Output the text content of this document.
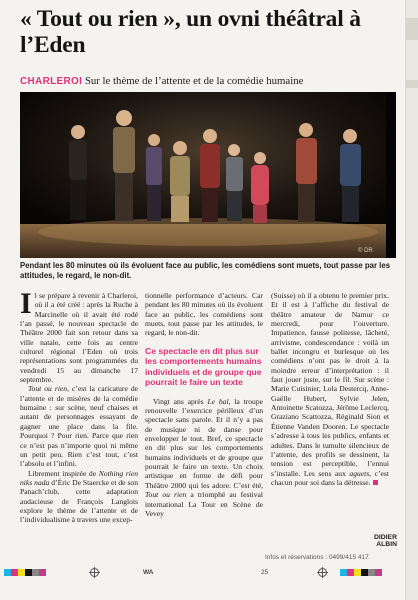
« Tout ou rien », un ovni théâtral à l’Eden
CHARLEROI Sur le thème de l’attente et de la comédie humaine
© DR
Pendant les 80 minutes où ils évoluent face au public, les comédiens sont muets, tout passe par les attitudes, le regard, le non-dit.

Il se prépare à revenir à Charleroi, où il a été créé : après la Ruche à Marcinelle où il avait été rodé l’an passé, le nouveau spectacle de Théâtre 2000 fait son retour dans sa ville natale, cette fois au centre culturel régional l’Eden où trois représentations sont programmées du vendredi 15 au dimanche 17 septembre.

Tout ou rien, c’est la caricature de l’attente et de misères de la comédie humaine : sur scène, neuf chaises et autant de personnages essayant de gagner une place dans la file. Pourquoi ? Pour rien. Parce que rien ce n’est pas n’importe quoi ni même un petit peu. Rien c’est tout, c’est l’absolu et l’infini.

Librement inspirée de Nothing rien niks nada d’Éric De Staercke et de son Panach’club, cette adaptation audacieuse de François Langlois explore le thème de l’attente et de l’individualisme à travers une excep-

tionnelle performance d’acteurs. Car pendant les 80 minutes où ils évoluent face au public, les comédiens sont muets, tout passe par les attitudes, le regard, le non-dit.

Ce spectacle en dit plus sur les comportements humains individuels et de groupe que pourrait le faire un texte

Vingt ans après Le bal, la troupe renouvelle l’exercice périlleux d’un spectacle sans parole. Et il n’y a pas de musique ni de danse pour envelopper le tout. Bref, ce spectacle en dit plus sur les comportements humains individuels et de groupe que pourrait le faire un texte. Un choix artistique en forme de défi pour Théâtre 2000 qui les adore. C’est été, Tout ou rien a triomphé au festival international La Tour en Scène de Vevey

(Suisse) où il a obtenu le premier prix. Et il est à l’affiche du festival de théâtre amateur de Namur ce mercredi, pour l’ouverture. Impatience, fausse politesse, lâcheté, arrivisme, condescendance : voilà un ballet incongru et burlesque où les comédiens n’ont pas le droit à la moindre erreur d’interprétation : il faut jouer juste, sur le fil. Sur scène : Marie Cuisinier, Lola Destercq, Anne-Gaëlle Hubert, Sylvie Jelen, Antoinette Scatozza, Jérôme Leclercq, Graziano Scattozza, Réginald Sion et Étienne Vanden Dooren. Le spectacle s’adresse à tous les publics, enfants et adultes. Dans le tumulte silencieux de l’attente, des profils se dessinent, la tension est perceptible, l’ennui s’installe. Les sens aux aguets, c’est chacun pour soi dans la détresse.

DIDIER ALBIN
Infos et réservations : 0499/415 417.
WA	25
